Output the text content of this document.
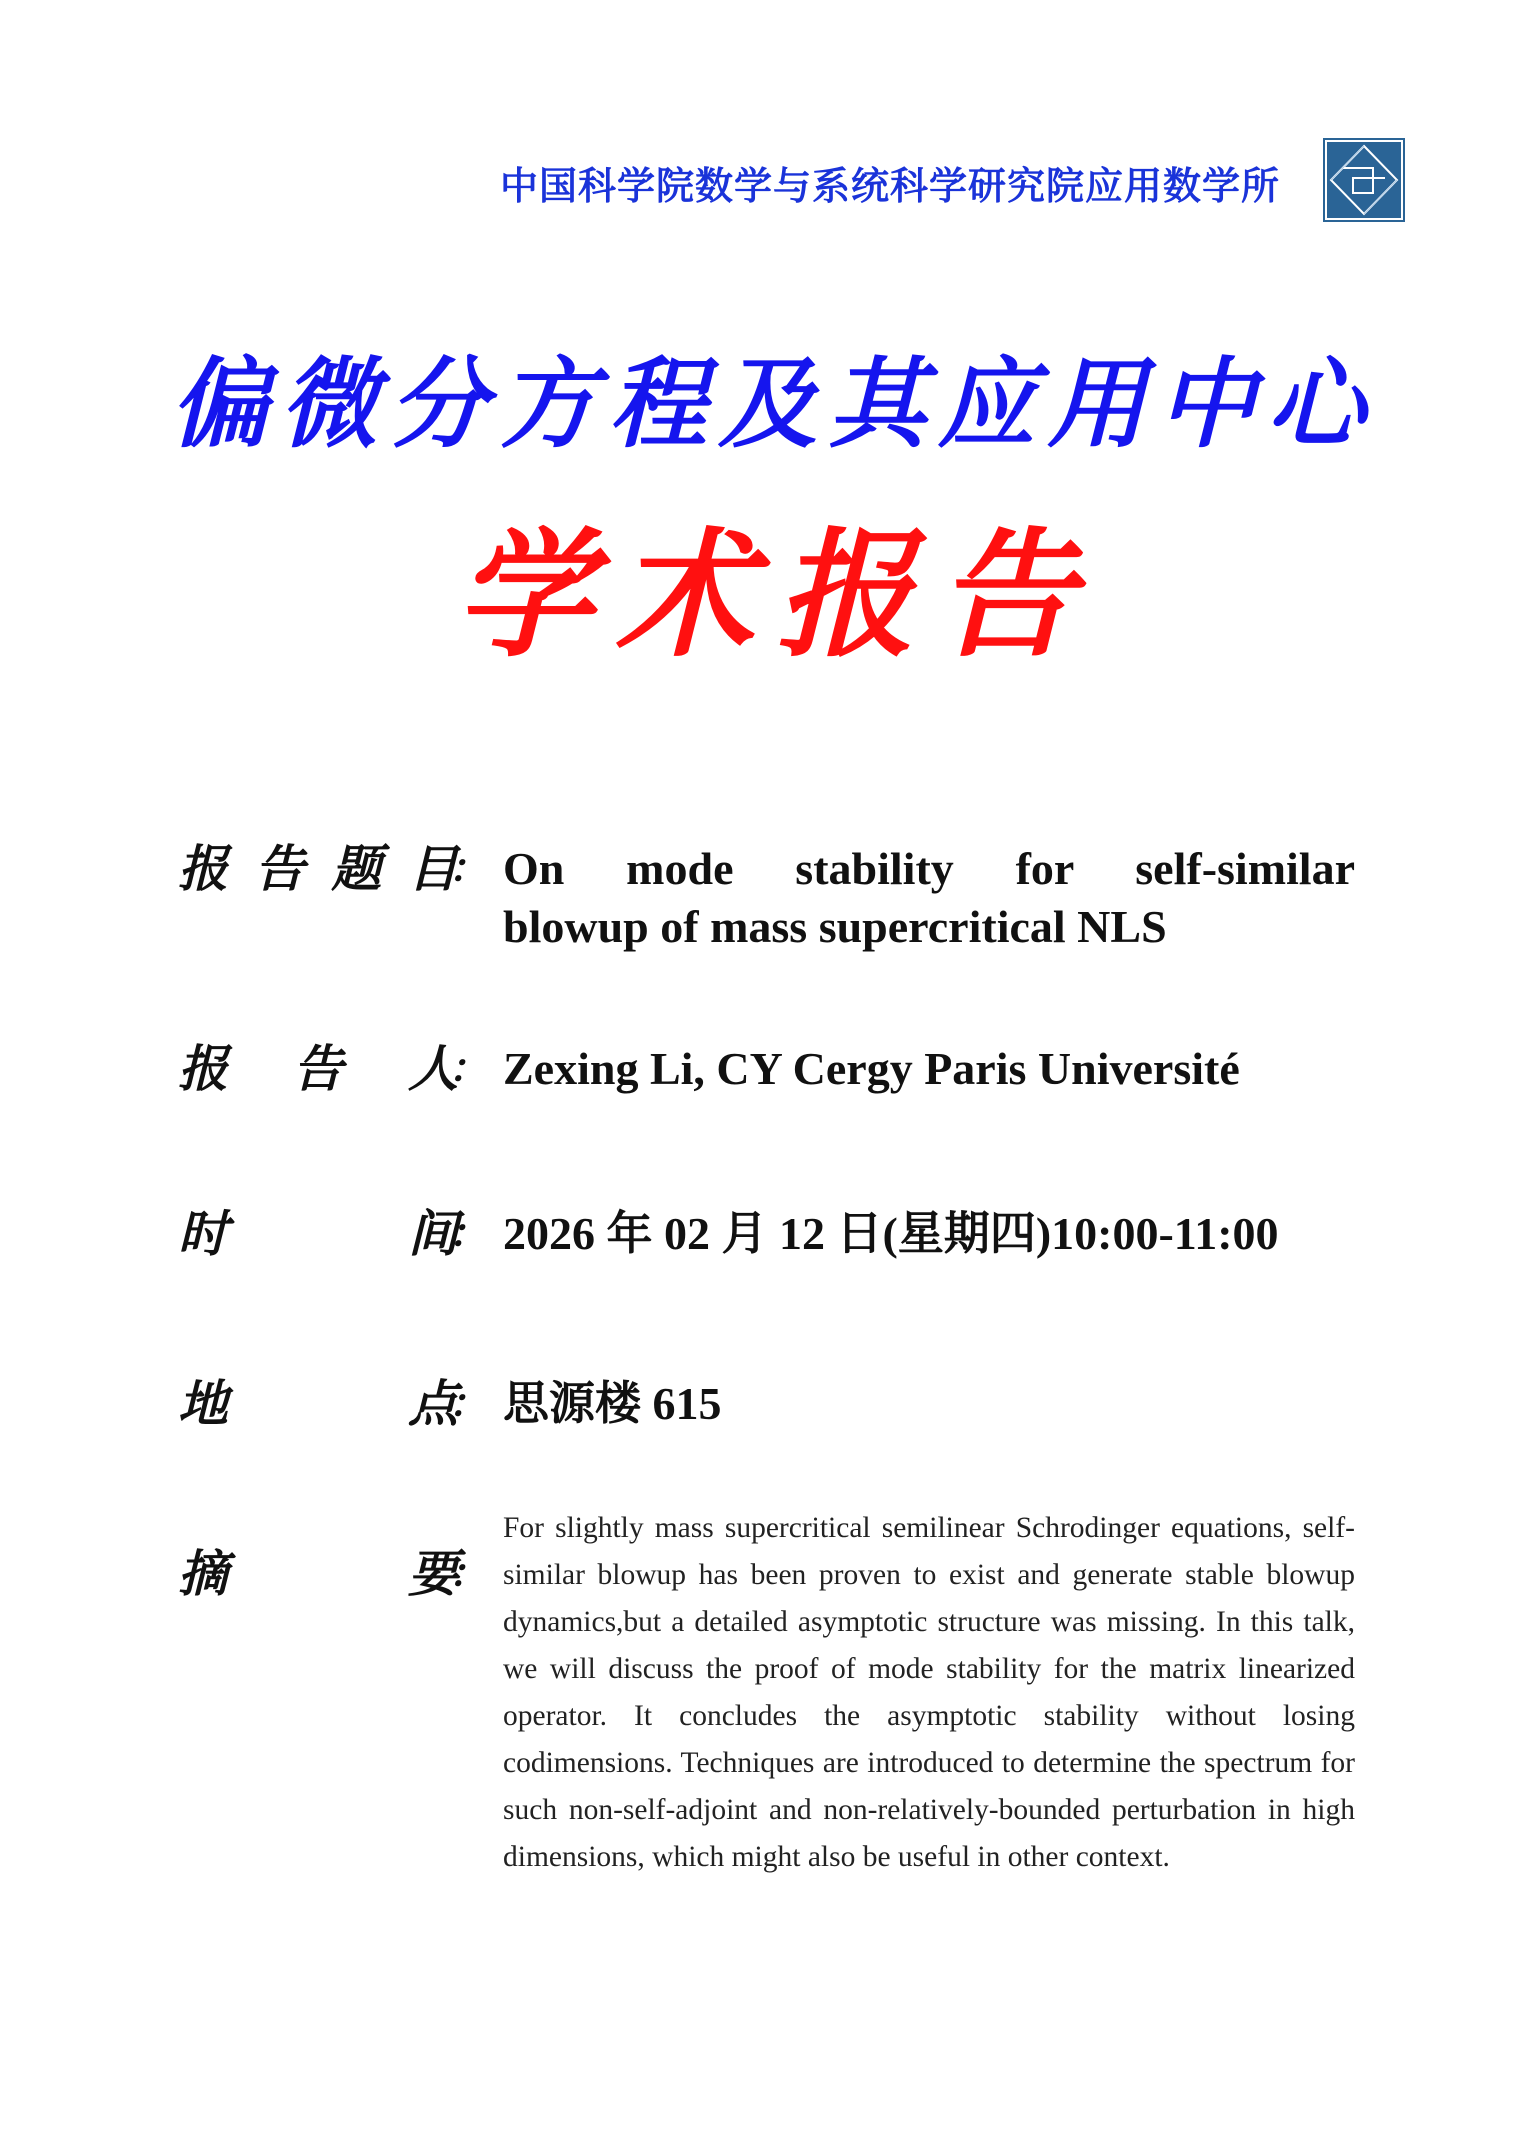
中国科学院数学与系统科学研究院应用数学所
偏微分方程及其应用中心
学术报告
报 告 题 目
： On mode stability for self-similar
blowup of mass supercritical NLS
报 告 人
： Zexing Li, CY Cergy Paris Université
时	间
： 2026 年 02 月 12 日(星期四)10:00-11:00
地	点
： 思源楼 615
摘	要
：
For slightly mass supercritical semilinear Schrodinger equations, self-similar blowup has been proven to exist and generate stable blowup dynamics,but a detailed asymptotic structure was missing. In this talk, we will discuss the proof of mode stability for the matrix linearized operator. It concludes the asymptotic stability without losing codimensions. Techniques are introduced to determine the spectrum for such non-self-adjoint and non-relatively-bounded perturbation in high dimensions, which might also be useful in other context.
